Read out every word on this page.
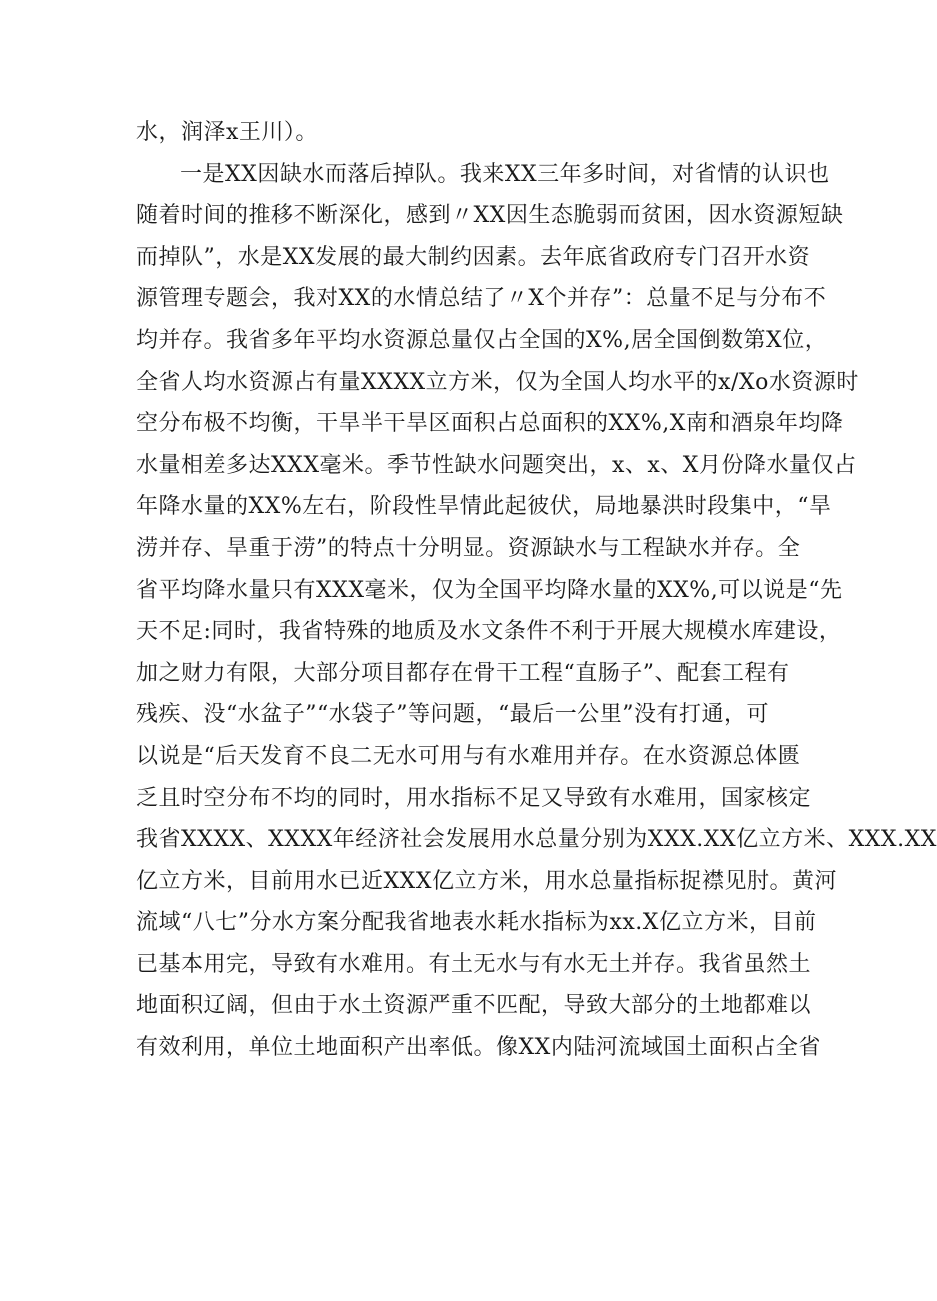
水，润泽x王川）。
一是XX因缺水而落后掉队。我来XX三年多时间，对省情的认识也
随着时间的推移不断深化，感到〃XX因生态脆弱而贫困，因水资源短缺
而掉队”，水是XX发展的最大制约因素。去年底省政府专门召开水资
源管理专题会，我对XX的水情总结了〃X个并存”：总量不足与分布不
均并存。我省多年平均水资源总量仅占全国的X%,居全国倒数第X位，
全省人均水资源占有量XXXX立方米，仅为全国人均水平的x/Xo水资源时
空分布极不均衡，干旱半干旱区面积占总面积的XX%,X南和酒泉年均降
水量相差多达XXX毫米。季节性缺水问题突出，x、x、X月份降水量仅占
年降水量的XX%左右，阶段性旱情此起彼伏，局地暴洪时段集中，“旱
涝并存、旱重于涝”的特点十分明显。资源缺水与工程缺水并存。全
省平均降水量只有XXX毫米，仅为全国平均降水量的XX%,可以说是“先
天不足:同时，我省特殊的地质及水文条件不利于开展大规模水库建设，
加之财力有限，大部分项目都存在骨干工程“直肠子”、配套工程有
残疾、没“水盆子”“水袋子”等问题，“最后一公里”没有打通，可
以说是“后天发育不良二无水可用与有水难用并存。在水资源总体匮
乏且时空分布不均的同时，用水指标不足又导致有水难用，国家核定
我省XXXX、XXXX年经济社会发展用水总量分别为XXX.XX亿立方米、XXX.XX
亿立方米，目前用水已近XXX亿立方米，用水总量指标捉襟见肘。黄河
流域“八七”分水方案分配我省地表水耗水指标为xx.X亿立方米，目前
已基本用完，导致有水难用。有土无水与有水无土并存。我省虽然土
地面积辽阔，但由于水土资源严重不匹配，导致大部分的土地都难以
有效利用，单位土地面积产出率低。像XX内陆河流域国土面积占全省
